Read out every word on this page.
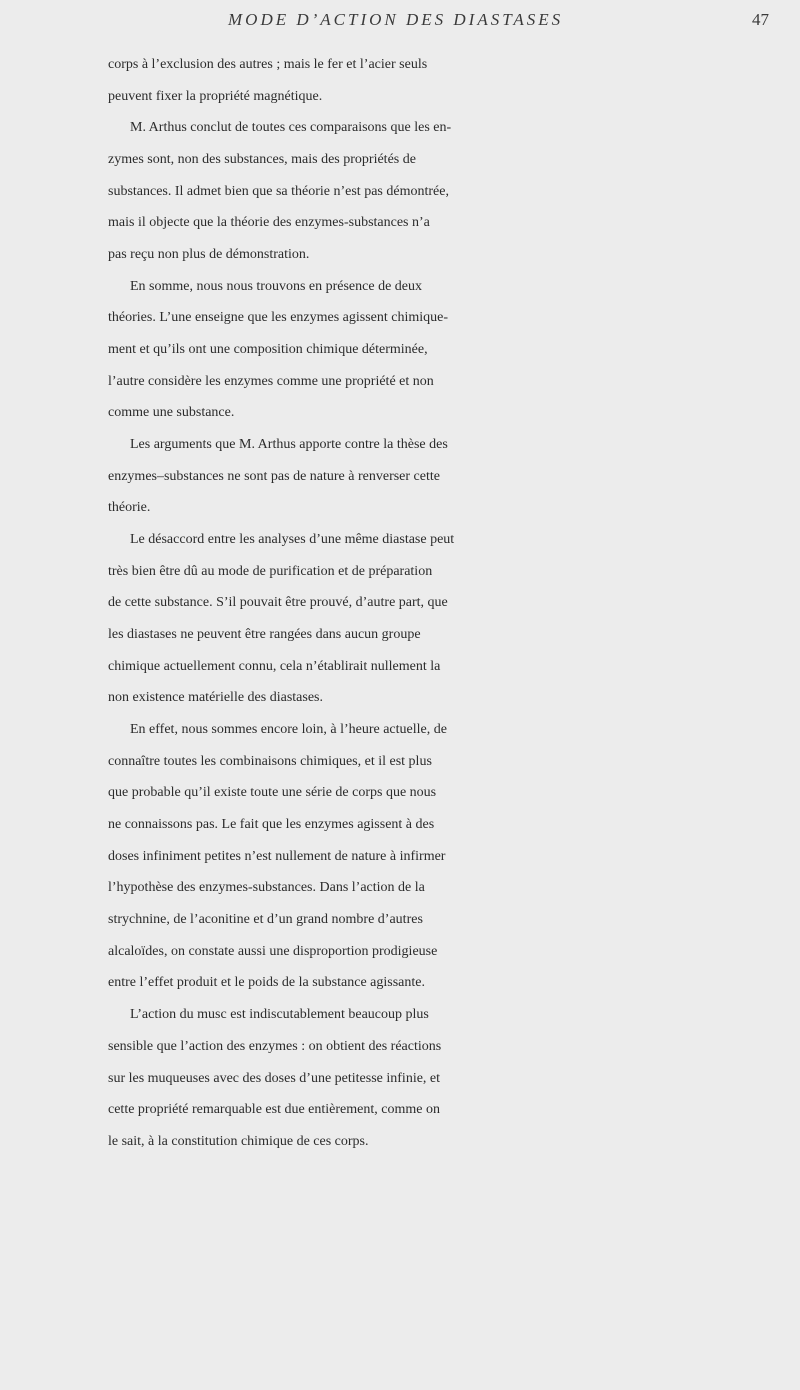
MODE D’ACTION DES DIASTASES	47
corps à l’exclusion des autres ; mais le fer et l’acier seuls
peuvent fixer la propriété magnétique.
M. Arthus conclut de toutes ces comparaisons que les en-
zymes sont, non des substances, mais des propriétés de
substances. Il admet bien que sa théorie n’est pas démontrée,
mais il objecte que la théorie des enzymes-substances n’a
pas reçu non plus de démonstration.
En somme, nous nous trouvons en présence de deux
théories. L’une enseigne que les enzymes agissent chimique-
ment et qu’ils ont une composition chimique déterminée,
l’autre considère les enzymes comme une propriété et non
comme une substance.
Les arguments que M. Arthus apporte contre la thèse des
enzymes–substances ne sont pas de nature à renverser cette
théorie.
Le désaccord entre les analyses d’une même diastase peut
très bien être dû au mode de purification et de préparation
de cette substance. S’il pouvait être prouvé, d’autre part, que
les diastases ne peuvent être rangées dans aucun groupe
chimique actuellement connu, cela n’établirait nullement la
non existence matérielle des diastases.
En effet, nous sommes encore loin, à l’heure actuelle, de
connaître toutes les combinaisons chimiques, et il est plus
que probable qu’il existe toute une série de corps que nous
ne connaissons pas. Le fait que les enzymes agissent à des
doses infiniment petites n’est nullement de nature à infirmer
l’hypothèse des enzymes-substances. Dans l’action de la
strychnine, de l’aconitine et d’un grand nombre d’autres
alcaloïdes, on constate aussi une disproportion prodigieuse
entre l’effet produit et le poids de la substance agissante.
L’action du musc est indiscutablement beaucoup plus
sensible que l’action des enzymes : on obtient des réactions
sur les muqueuses avec des doses d’une petitesse infinie, et
cette propriété remarquable est due entièrement, comme on
le sait, à la constitution chimique de ces corps.
